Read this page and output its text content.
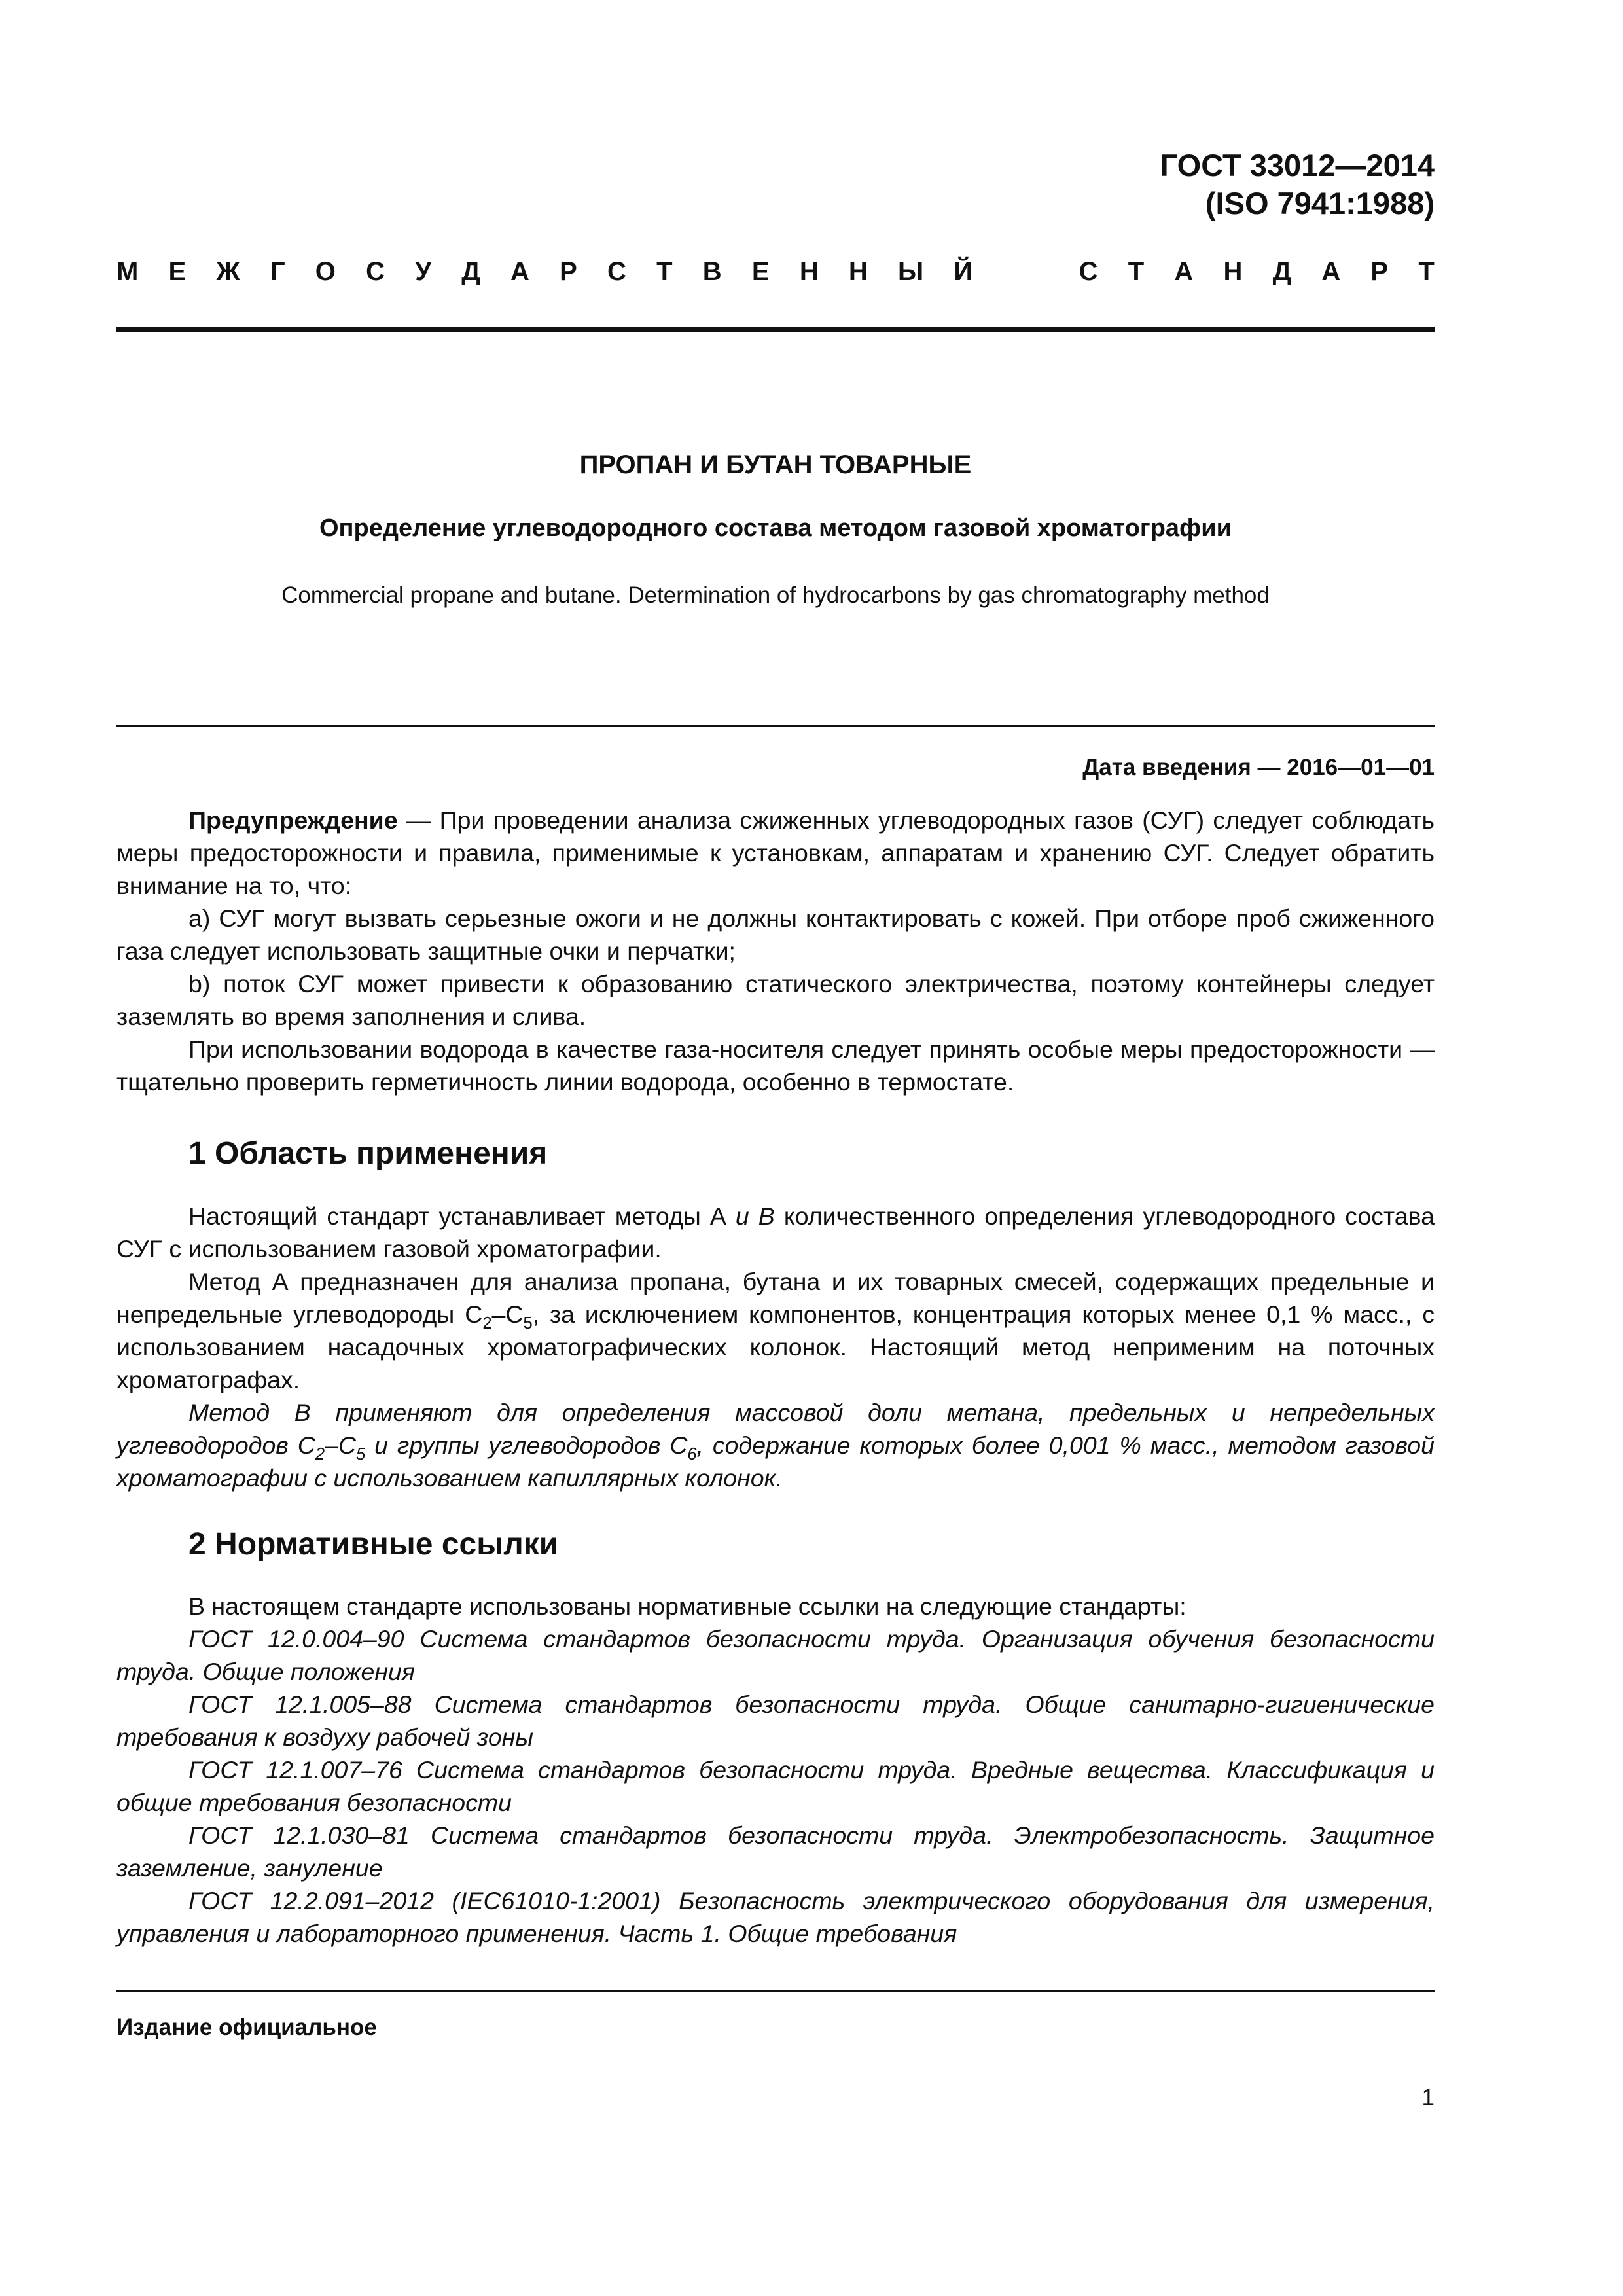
ГОСТ 33012—2014
(ISO 7941:1988)
М Е Ж Г О С У Д А Р С Т В Е Н Н Ы Й	С Т А Н Д А Р Т
ПРОПАН И БУТАН ТОВАРНЫЕ
Определение углеводородного состава методом газовой хроматографии
Commercial propane and butane. Determination of hydrocarbons by gas chromatography method
Дата введения — 2016—01—01

Предупреждение — При проведении анализа сжиженных углеводородных газов (СУГ) следует соблюдать меры предосторожности и правила, применимые к установкам, аппаратам и хранению СУГ. Следует обратить внимание на то, что:

a) СУГ могут вызвать серьезные ожоги и не должны контактировать с кожей. При отборе проб сжиженного газа следует использовать защитные очки и перчатки;

b) поток СУГ может привести к образованию статического электричества, поэтому контейнеры следует заземлять во время заполнения и слива.

При использовании водорода в качестве газа-носителя следует принять особые меры предосторожности — тщательно проверить герметичность линии водорода, особенно в термостате.

1 Область применения

Настоящий стандарт устанавливает методы А и В количественного определения углеводородного состава СУГ с использованием газовой хроматографии.

Метод А предназначен для анализа пропана, бутана и их товарных смесей, содержащих предельные и непредельные углеводороды $С_2-С_5$, за исключением компонентов, концентрация которых менее 0,1 % масс., с использованием насадочных хроматографических колонок. Настоящий метод неприменим на поточных хроматографах.

Метод В применяют для определения массовой доли метана, предельных и непредельных углеводородов $С_2-С_5$ и группы углеводородов $С_6$, содержание которых более 0,001 % масс., методом газовой хроматографии с использованием капиллярных колонок.

2 Нормативные ссылки

В настоящем стандарте использованы нормативные ссылки на следующие стандарты:

ГОСТ 12.0.004–90 Система стандартов безопасности труда. Организация обучения безопасности труда. Общие положения

ГОСТ 12.1.005–88 Система стандартов безопасности труда. Общие санитарно-гигиенические требования к воздуху рабочей зоны

ГОСТ 12.1.007–76 Система стандартов безопасности труда. Вредные вещества. Классификация и общие требования безопасности

ГОСТ 12.1.030–81 Система стандартов безопасности труда. Электробезопасность. Защитное заземление, зануление

ГОСТ 12.2.091–2012 (IEC61010-1:2001) Безопасность электрического оборудования для измерения, управления и лабораторного применения. Часть 1. Общие требования

Издание официальное
1
